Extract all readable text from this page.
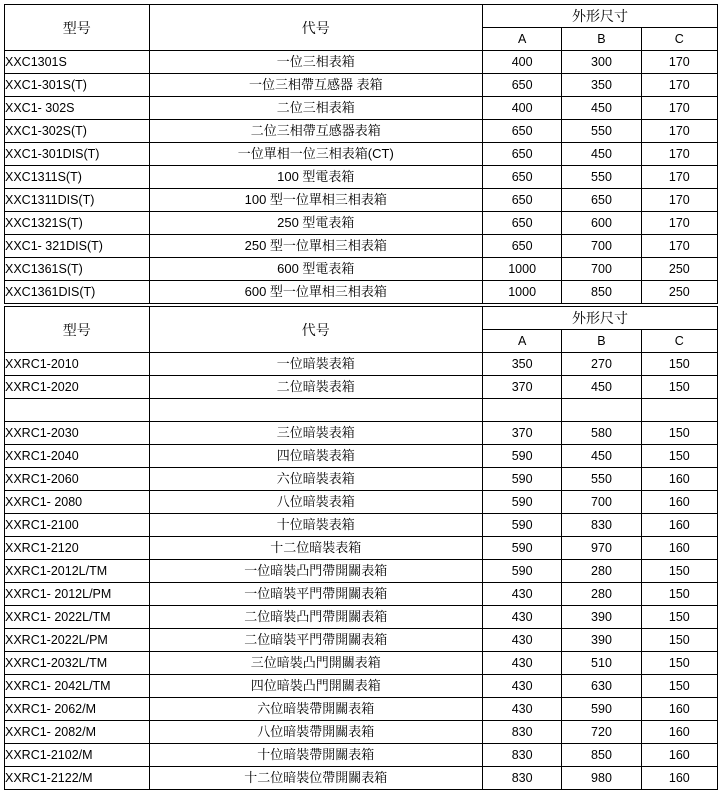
型号	代号	外形尺寸		
		A	B	C
XXC1301S	一位三相表箱	400	300	170
XXC1-301S(T)	一位三相帶互感器 表箱	650	350	170
XXC1- 302S	二位三相表箱	400	450	170
XXC1-302S(T)	二位三相帶互感器表箱	650	550	170
XXC1-301DIS(T)	一位單相一位三相表箱(CT)	650	450	170
XXC1311S(T)	100 型電表箱	650	550	170
XXC1311DIS(T)	100 型一位單相三相表箱	650	650	170
XXC1321S(T)	250 型電表箱	650	600	170
XXC1- 321DIS(T)	250 型一位單相三相表箱	650	700	170
XXC1361S(T)	600 型電表箱	1000	700	250
XXC1361DIS(T)	600 型一位單相三相表箱	1000	850	250
型号	代号	外形尺寸		
		A	B	C
XXRC1-2010	一位暗裝表箱	350	270	150
XXRC1-2020	二位暗裝表箱	370	450	150

XXRC1-2030	三位暗裝表箱	370	580	150
XXRC1-2040	四位暗裝表箱	590	450	150
XXRC1-2060	六位暗裝表箱	590	550	160
XXRC1- 2080	八位暗裝表箱	590	700	160
XXRC1-2100	十位暗裝表箱	590	830	160
XXRC1-2120	十二位暗裝表箱	590	970	160
XXRC1-2012L/TM	一位暗裝凸門帶開關表箱	590	280	150
XXRC1- 2012L/PM	一位暗裝平門帶開關表箱	430	280	150
XXRC1- 2022L/TM	二位暗裝凸門帶開關表箱	430	390	150
XXRC1-2022L/PM	二位暗裝平門帶開關表箱	430	390	150
XXRC1-2032L/TM	三位暗裝凸門開關表箱	430	510	150
XXRC1- 2042L/TM	四位暗裝凸門開關表箱	430	630	150
XXRC1- 2062/M	六位暗裝帶開關表箱	430	590	160
XXRC1- 2082/M	八位暗裝帶開關表箱	830	720	160
XXRC1-2102/M	十位暗裝帶開關表箱	830	850	160
XXRC1-2122/M	十二位暗裝位帶開關表箱	830	980	160
